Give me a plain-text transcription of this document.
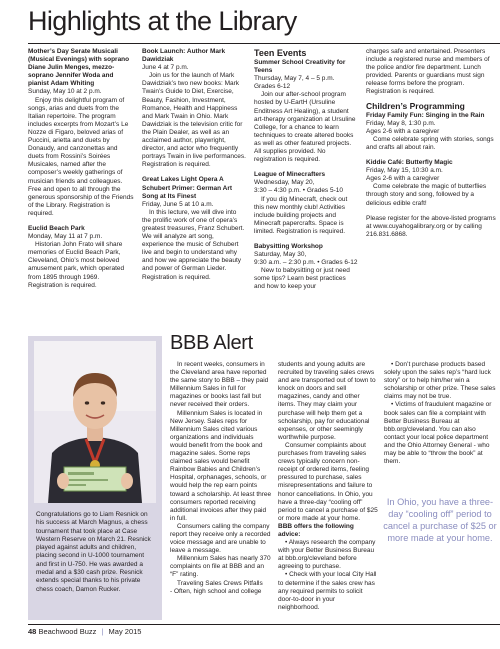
Highlights at the Library

Mother’s Day Serate Musicali (Musical Evenings) with soprano Diane Julin Menges, mezzo-soprano Jennifer Woda and pianist Adam Whiting

Sunday, May 10 at 2 p.m.

Enjoy this delightful program of songs, arias and duets from the Italian repertoire. The program includes excerpts from Mozart’s Le Nozze di Figaro, beloved arias of Puccini, arietta and duets by Donaudy, and canzonettas and duets from Rossini’s Soirées Musicales, named after the composer’s weekly gatherings of musician friends and colleagues. Free and open to all through the generous sponsorship of the Friends of the Library. Registration is required.

Euclid Beach Park

Monday, May 11 at 7 p.m.

Historian John Frato will share memories of Euclid Beach Park, Cleveland, Ohio’s most beloved amusement park, which operated from 1895 through 1969. Registration is required.

Book Launch: Author Mark Dawidziak

June 4 at 7 p.m.

Join us for the launch of Mark Dawidziak’s two new books: Mark Twain’s Guide to Diet, Exercise, Beauty, Fashion, Investment, Romance, Health and Happiness and Mark Twain in Ohio. Mark Dawidziak is the television critic for the Plain Dealer, as well as an acclaimed author, playwright, director, and actor who frequently portrays Twain in live performances. Registration is required.

Great Lakes Light Opera A Schubert Primer: German Art Song at Its Finest

Friday, June 5 at 10 a.m.

In this lecture, we will dive into the prolific work of one of opera’s greatest treasures, Franz Schubert. We will analyze art song, experience the music of Schubert live and begin to understand why and how we appreciate the beauty and power of German Lieder. Registration is required.

Teen Events

Summer School Creativity for Teens

Thursday, May 7, 4 – 5 p.m.

Grades 6-12

Join our after-school program hosted by U-EartH (Ursuline Enditness Art Healing), a student art-therapy organization at Ursuline College, for a chance to learn techniques to create altered books as well as other featured projects. All supplies provided. No registration is required.

League of Minecrafters

Wednesday, May 20,

3:30 – 4:30 p.m. • Grades 5-10

If you dig Minecraft, check out this new monthly club! Activities include building projects and Minecraft papercrafts. Space is limited. Registration is required.

Babysitting Workshop

Saturday, May 30,

9:30 a.m. – 2:30 p.m. • Grades 6-12

New to babysitting or just need some tips? Learn best practices and how to keep your

charges safe and entertained. Presenters include a registered nurse and members of the police and/or fire department. Lunch provided. Parents or guardians must sign release forms before the program. Registration is required.

Children’s Programming

Friday Family Fun: Singing in the Rain

Friday, May 8, 1:30 p.m.

Ages 2-6 with a caregiver

Come celebrate spring with stories, songs and crafts all about rain.

Kiddie Café: Butterfly Magic

Friday, May 15, 10:30 a.m.

Ages 2-6 with a caregiver

Come celebrate the magic of butterflies through story and song, followed by a delicious edible craft!

Please register for the above-listed programs at www.cuyahogalibrary.org or by calling 216.831.6868.

Congratulations go to Liam Resnick on his success at March Magnus, a chess tournament that took place at Case Western Reserve on March 21. Resnick played against adults and children, placing second in U-1000 tournament and first in U-750. He was awarded a medal and a $30 cash prize. Resnick extends special thanks to his private chess coach, Damon Rucker.
BBB Alert

In recent weeks, consumers in the Cleveland area have reported the same story to BBB – they paid Millennium Sales in full for magazines or books last fall but never received their orders.

Millennium Sales is located in New Jersey. Sales reps for Millennium Sales cited various organizations and individuals would benefit from the book and magazine sales. Some reps claimed sales would benefit Rainbow Babies and Children’s Hospital, orphanages, schools, or would help the rep earn points toward a scholarship. At least three consumers reported receiving additional invoices after they paid in full.

Consumers calling the company report they receive only a recorded voice message and are unable to leave a message.

Millennium Sales has nearly 370 complaints on file at BBB and an “F” rating.

Traveling Sales Crews Pitfalls

- Often, high school and college

students and young adults are recruited by traveling sales crews and are transported out of town to knock on doors and sell magazines, candy and other items. They may claim your purchase will help them get a scholarship, pay for educational expenses, or other seemingly worthwhile purpose.

Consumer complaints about purchases from traveling sales crews typically concern non-receipt of ordered items, feeling pressured to purchase, sales misrepresentations and failure to honor cancellations. In Ohio, you have a three-day “cooling off” period to cancel a purchase of $25 or more made at your home.

BBB offers the following advice:

• Always research the company with your Better Business Bureau at bbb.org/cleveland before agreeing to purchase.

• Check with your local City Hall to determine if the sales crew has any required permits to solicit door-to-door in your neighborhood.

• Don’t purchase products based solely upon the sales rep’s “hard luck story” or to help him/her win a scholarship or other prize. These sales claims may not be true.

• Victims of fraudulent magazine or book sales can file a complaint with Better Business Bureau at bbb.org/cleveland. You can also contact your local police department and the Ohio Attorney General - who may be able to “throw the book” at them.

In Ohio, you have a three-day “cooling off” period to cancel a purchase of $25 or more made at your home.
48 Beachwood Buzz | May 2015
